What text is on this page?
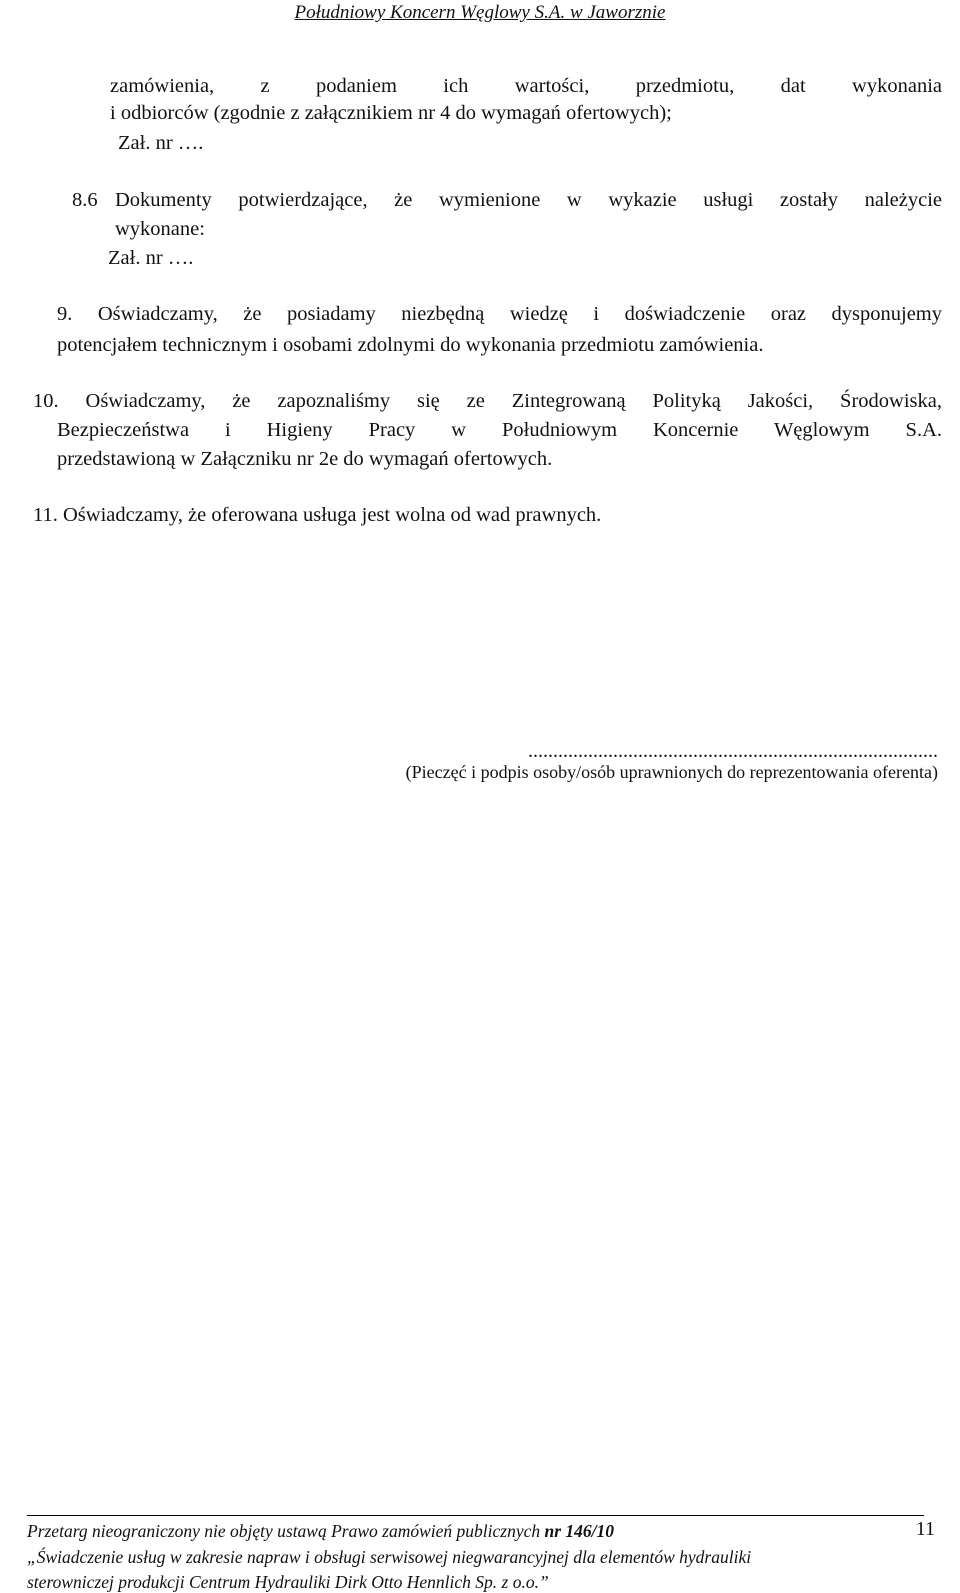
Południowy Koncern Węglowy S.A. w Jaworznie
zamówienia, z podaniem ich wartości, przedmiotu, dat wykonania
i odbiorców (zgodnie z załącznikiem nr 4 do wymagań ofertowych);
Zał. nr ….
8.6 Dokumenty potwierdzające, że wymienione w wykazie usługi zostały należycie
wykonane:
Zał. nr ….
9. Oświadczamy, że posiadamy niezbędną wiedzę i doświadczenie oraz dysponujemy
potencjałem technicznym i osobami zdolnymi do wykonania przedmiotu zamówienia.
10. Oświadczamy, że zapoznaliśmy się ze Zintegrowaną Polityką Jakości, Środowiska,
Bezpieczeństwa i Higieny Pracy w Południowym Koncernie Węglowym S.A.
przedstawioną w Załączniku nr 2e do wymagań ofertowych.
11. Oświadczamy, że oferowana usługa jest wolna od wad prawnych.
..................................................................................
(Pieczęć i podpis osoby/osób uprawnionych do reprezentowania oferenta)
Przetarg nieograniczony nie objęty ustawą Prawo zamówień publicznych nr 146/10
„Świadczenie usług w zakresie napraw i obsługi serwisowej niegwarancyjnej dla elementów hydrauliki
sterowniczej produkcji Centrum Hydrauliki Dirk Otto Hennlich Sp. z o.o.”
11
